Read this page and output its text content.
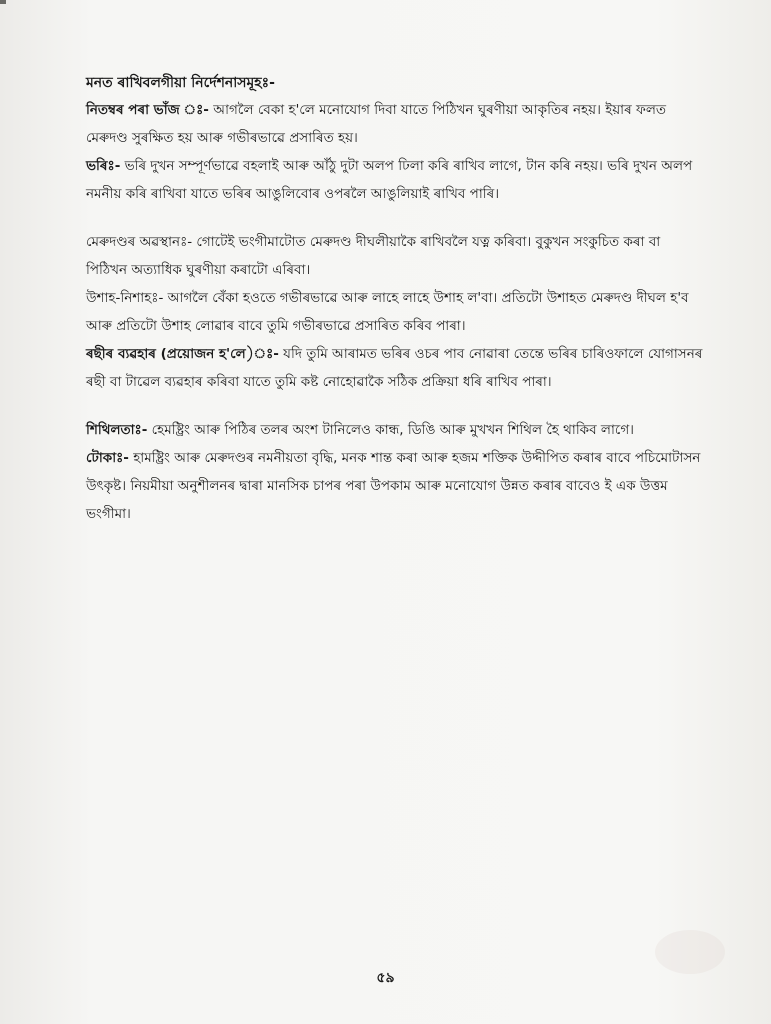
মনত ৰাখিবলগীয়া নিৰ্দেশনাসমূহঃ-
নিতম্বৰ পৰা ভাঁজ ঃ- আগলৈ বেকা হ'লে মনোযোগ দিবা যাতে পিঠিখন ঘুৰণীয়া আকৃতিৰ নহয়। ইয়াৰ ফলত মেৰুদণ্ড সুৰক্ষিত হয় আৰু গভীৰভাৱে প্ৰসাৰিত হয়।
ভৰিঃ- ভৰি দুখন সম্পূৰ্ণভাৱে বহলাই আৰু আঁঠু দুটা অলপ ঢিলা কৰি ৰাখিব লাগে, টান কৰি নহয়। ভৰি দুখন অলপ নমনীয় কৰি ৰাখিবা যাতে ভৰিৰ আঙুলিবোৰ ওপৰলৈ আঙুলিয়াই ৰাখিব পাৰি।
মেৰুদণ্ডৰ অৱস্থানঃ- গোটেই ভংগীমাটোত মেৰুদণ্ড দীঘলীয়াকৈ ৰাখিবলৈ যত্ন কৰিবা। বুকুখন সংকুচিত কৰা বা পিঠিখন অত্যাধিক ঘুৰণীয়া কৰাটো এৰিবা।
উশাহ-নিশাহঃ- আগলৈ বেঁকা হওতে গভীৰভাৱে আৰু লাহে লাহে উশাহ ল'বা। প্ৰতিটো উশাহত মেৰুদণ্ড দীঘল হ'ব আৰু প্ৰতিটো উশাহ লোৱাৰ বাবে তুমি গভীৰভাৱে প্ৰসাৰিত কৰিব পাৰা।
ৰছীৰ ব্যৱহাৰ (প্ৰয়োজন হ'লে)ঃ- যদি তুমি আৰামত ভৰিৰ ওচৰ পাব নোৱাৰা তেন্তে ভৰিৰ চাৰিওফালে যোগাসনৰ ৰছী বা টাৱেল ব্যৱহাৰ কৰিবা যাতে তুমি কষ্ট নোহোৱাকৈ সঠিক প্ৰক্ৰিয়া ধৰি ৰাখিব পাৰা।
শিথিলতাঃ- হেমষ্ট্ৰিং আৰু পিঠিৰ তলৰ অংশ টানিলেও কান্ধ, ডিঙি আৰু মুখখন শিথিল হৈ থাকিব লাগে।
টোকাঃ- হামষ্ট্ৰিং আৰু মেৰুদণ্ডৰ নমনীয়তা বৃদ্ধি, মনক শান্ত কৰা আৰু হজম শক্তিক উদ্দীপিত কৰাৰ বাবে পচিমোটাসন উৎকৃষ্ট। নিয়মীয়া অনুশীলনৰ দ্বাৰা মানসিক চাপৰ পৰা উপকাম আৰু মনোযোগ উন্নত কৰাৰ বাবেও ই এক উত্তম ভংগীমা।
৫৯
